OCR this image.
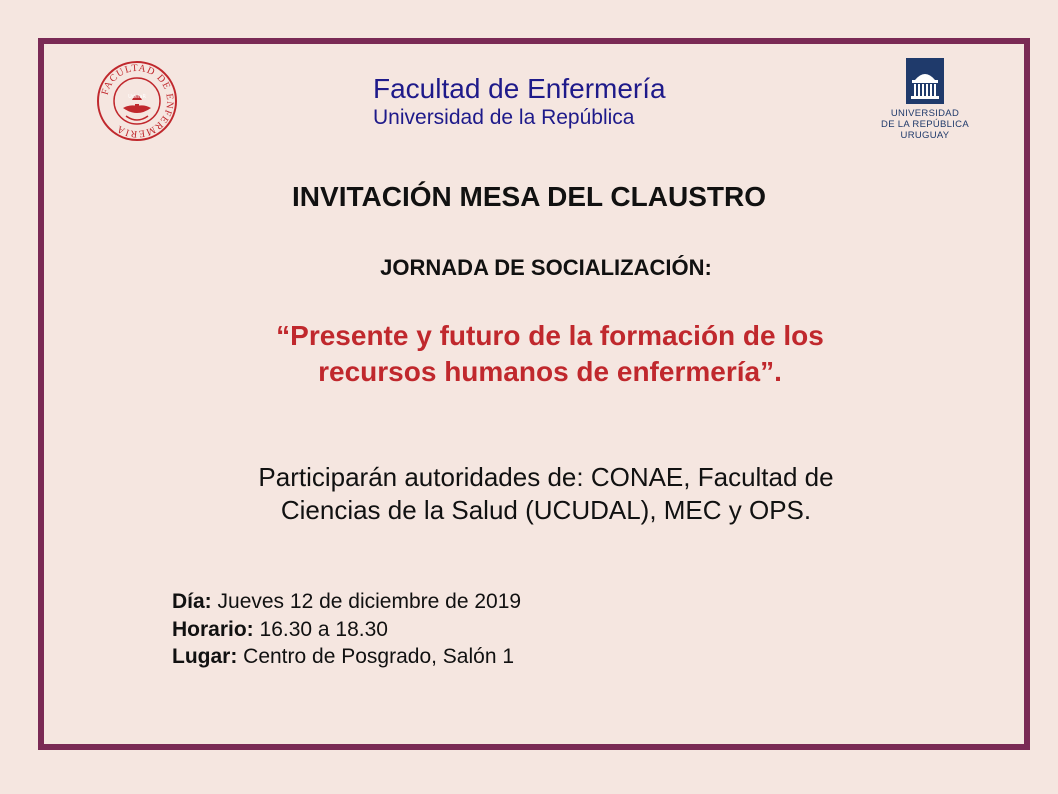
FACULTAD DE ENFERMERIA
UdelaR	Facultad de Enfermería
Universidad de la República	UNIVERSIDAD
DE LA REPÚBLICA
URUGUAY
INVITACIÓN MESA DEL CLAUSTRO
JORNADA DE SOCIALIZACIÓN:
“Presente y futuro de la formación de los
recursos humanos de enfermería”.
Participarán autoridades de: CONAE, Facultad de
Ciencias de la Salud (UCUDAL), MEC y OPS.
Día: Jueves 12 de diciembre de 2019
Horario: 16.30 a 18.30
Lugar: Centro de Posgrado, Salón 1
